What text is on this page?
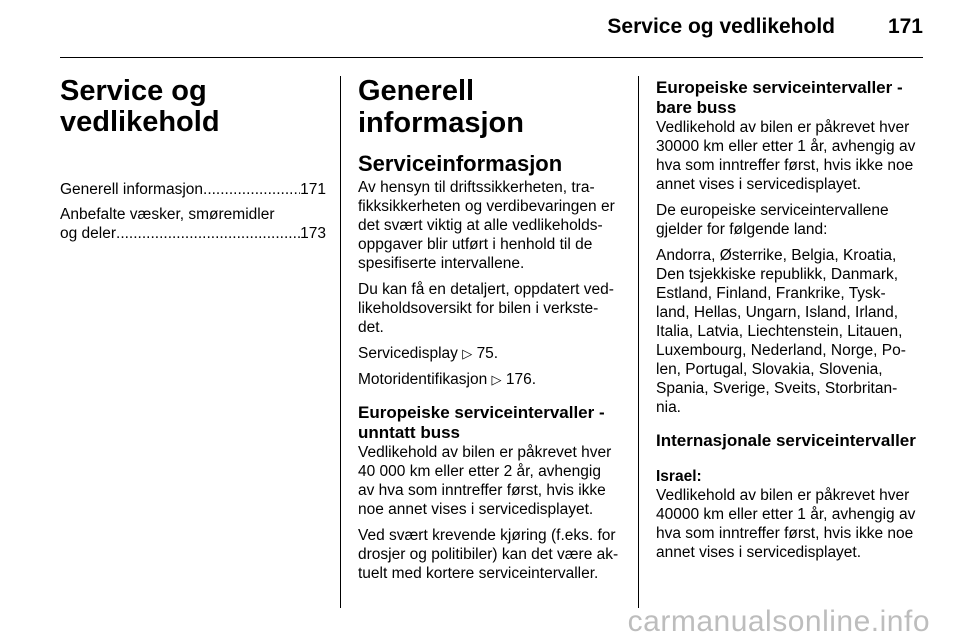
Service og vedlikehold	171
Service og
vedlikehold
Generell informasjon .....	171
Anbefalte væsker, smøremidler
og deler .....	173
Generell informasjon
Serviceinformasjon

Av hensyn til driftssikkerheten, tra-
fikksikkerheten og verdibevaringen er
det svært viktig at alle vedlikeholds-
oppgaver blir utført i henhold til de
spesifiserte intervallene.

Du kan få en detaljert, oppdatert ved-
likeholdsoversikt for bilen i verkste-
det.

Servicedisplay ▷ 75.

Motoridentifikasjon ▷ 176.

Europeiske serviceintervaller -
unntatt buss

Vedlikehold av bilen er påkrevet hver
40 000 km eller etter 2 år, avhengig
av hva som inntreffer først, hvis ikke
noe annet vises i servicedisplayet.

Ved svært krevende kjøring (f.eks. for
drosjer og politibiler) kan det være ak-
tuelt med kortere serviceintervaller.

Europeiske serviceintervaller -
bare buss

Vedlikehold av bilen er påkrevet hver
30000 km eller etter 1 år, avhengig av
hva som inntreffer først, hvis ikke noe
annet vises i servicedisplayet.

De europeiske serviceintervallene
gjelder for følgende land:

Andorra, Østerrike, Belgia, Kroatia,
Den tsjekkiske republikk, Danmark,
Estland, Finland, Frankrike, Tysk-
land, Hellas, Ungarn, Island, Irland,
Italia, Latvia, Liechtenstein, Litauen,
Luxembourg, Nederland, Norge, Po-
len, Portugal, Slovakia, Slovenia,
Spania, Sverige, Sveits, Storbritan-
nia.

Internasjonale serviceintervaller
Israel:

Vedlikehold av bilen er påkrevet hver
40000 km eller etter 1 år, avhengig av
hva som inntreffer først, hvis ikke noe
annet vises i servicedisplayet.

carmanualsonline.info
